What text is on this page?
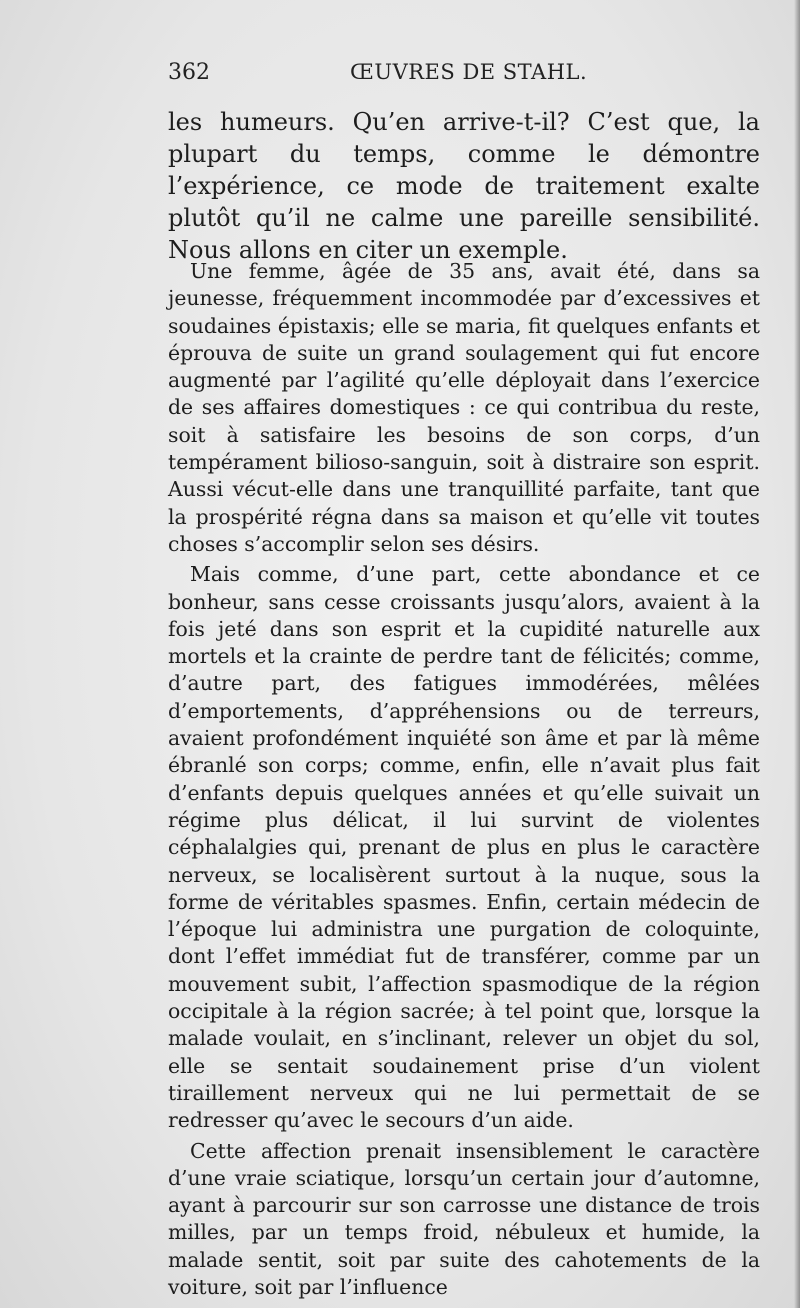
362	ŒUVRES DE STAHL.

les humeurs. Qu’en arrive-t-il? C’est que, la plupart du temps, comme le démontre l’expérience, ce mode de traitement exalte plutôt qu’il ne calme une pareille sensibilité. Nous allons en citer un exemple.

Une femme, âgée de 35 ans, avait été, dans sa jeunesse, fréquemment incommodée par d’excessives et soudaines épistaxis; elle se maria, fit quelques enfants et éprouva de suite un grand soulagement qui fut encore augmenté par l’agilité qu’elle déployait dans l’exercice de ses affaires domestiques : ce qui contribua du reste, soit à satisfaire les besoins de son corps, d’un tempérament bilioso-sanguin, soit à distraire son esprit. Aussi vécut-elle dans une tranquillité parfaite, tant que la prospérité régna dans sa maison et qu’elle vit toutes choses s’accomplir selon ses désirs.

Mais comme, d’une part, cette abondance et ce bonheur, sans cesse croissants jusqu’alors, avaient à la fois jeté dans son esprit et la cupidité naturelle aux mortels et la crainte de perdre tant de félicités; comme, d’autre part, des fatigues immodérées, mêlées d’emportements, d’appréhensions ou de terreurs, avaient profondément inquiété son âme et par là même ébranlé son corps; comme, enfin, elle n’avait plus fait d’enfants depuis quelques années et qu’elle suivait un régime plus délicat, il lui survint de violentes céphalalgies qui, prenant de plus en plus le caractère nerveux, se localisèrent surtout à la nuque, sous la forme de véritables spasmes. Enfin, certain médecin de l’époque lui administra une purgation de coloquinte, dont l’effet immédiat fut de transférer, comme par un mouvement subit, l’affection spasmodique de la région occipitale à la région sacrée; à tel point que, lorsque la malade voulait, en s’inclinant, relever un objet du sol, elle se sentait soudainement prise d’un violent tiraillement nerveux qui ne lui permettait de se redresser qu’avec le secours d’un aide.

Cette affection prenait insensiblement le caractère d’une vraie sciatique, lorsqu’un certain jour d’automne, ayant à parcourir sur son carrosse une distance de trois milles, par un temps froid, nébuleux et humide, la malade sentit, soit par suite des cahotements de la voiture, soit par l’influence
